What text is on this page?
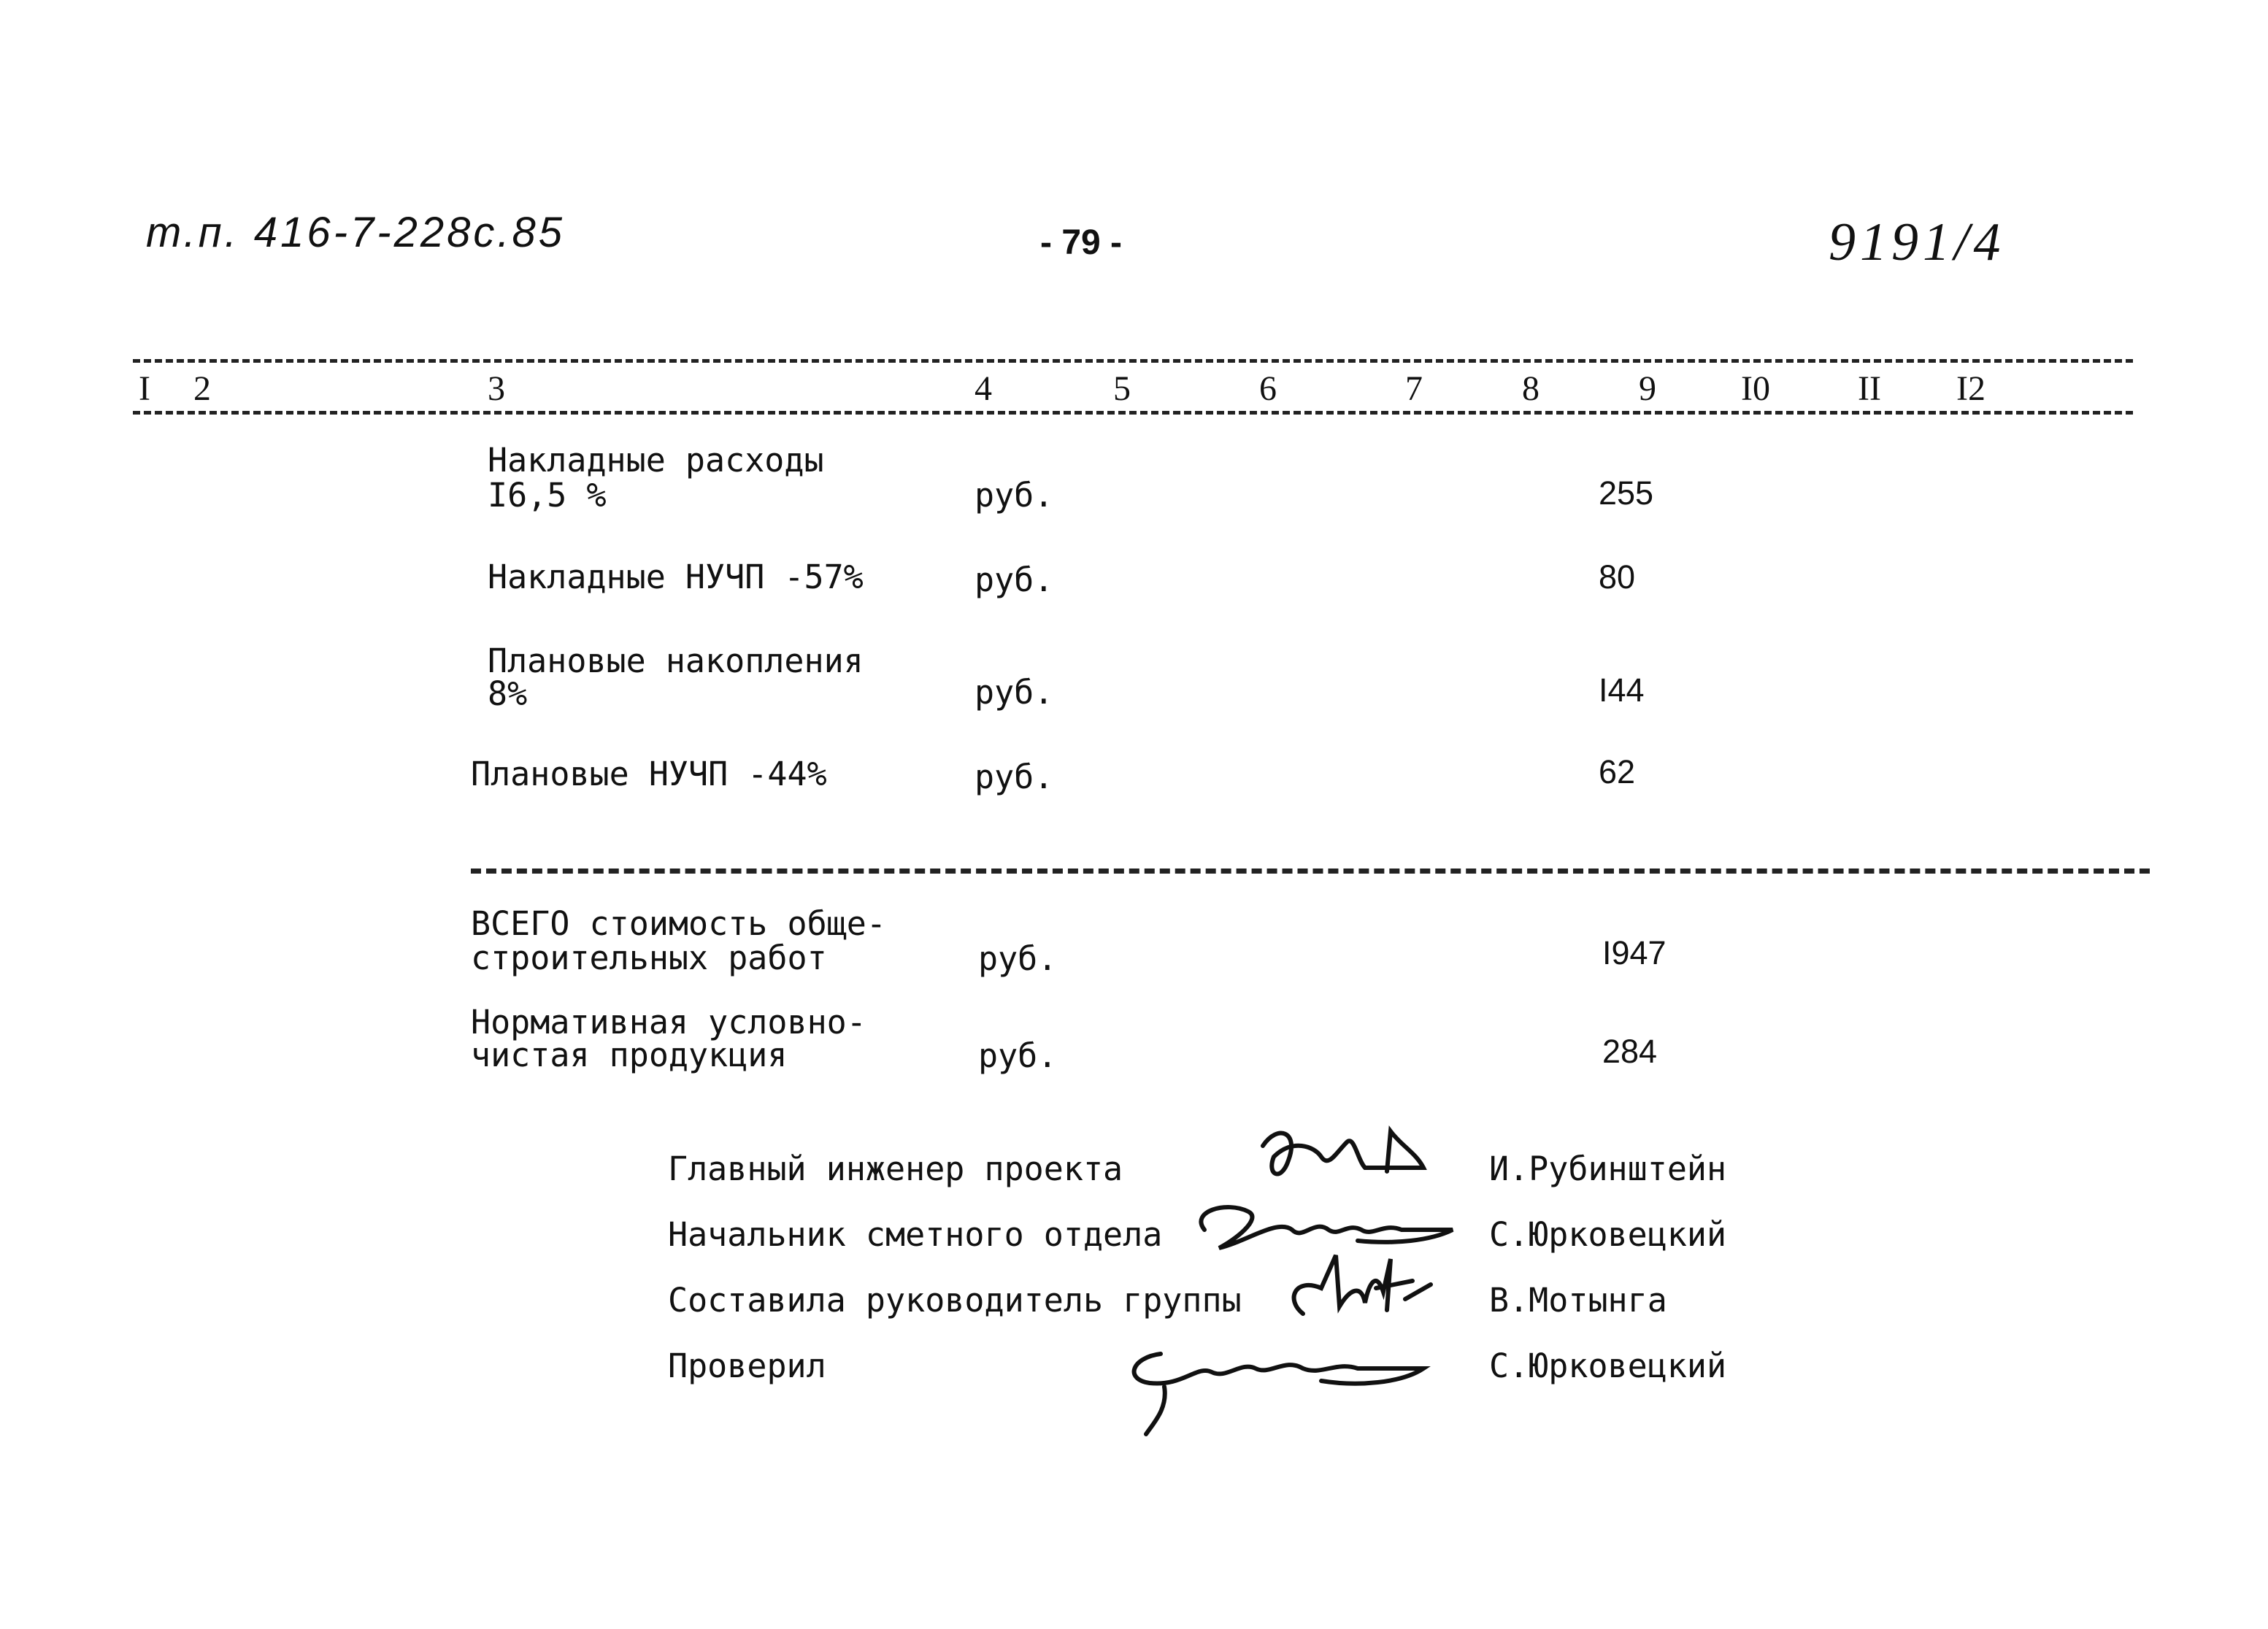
т.п. 416-7-228с.85	- 79 -	9191/4
I 2	3	4	5	6	7	8	9 I0	II I2
Накладные расходы
I6,5 %	руб.	255
Накладные НУЧП -57%	руб.	80
Плановые накопления
8%	руб.	I44
Плановые НУЧП -44%	руб.	62
ВСЕГО стоимость обще-
строительных работ	руб.	I947
Нормативная условно-
чистая продукция	руб.	284
Главный инженер проекта	И.Рубинштейн
Начальник сметного отдела	С.Юрковецкий
Составила руководитель группы	В.Мотынга
Проверил	С.Юрковецкий
